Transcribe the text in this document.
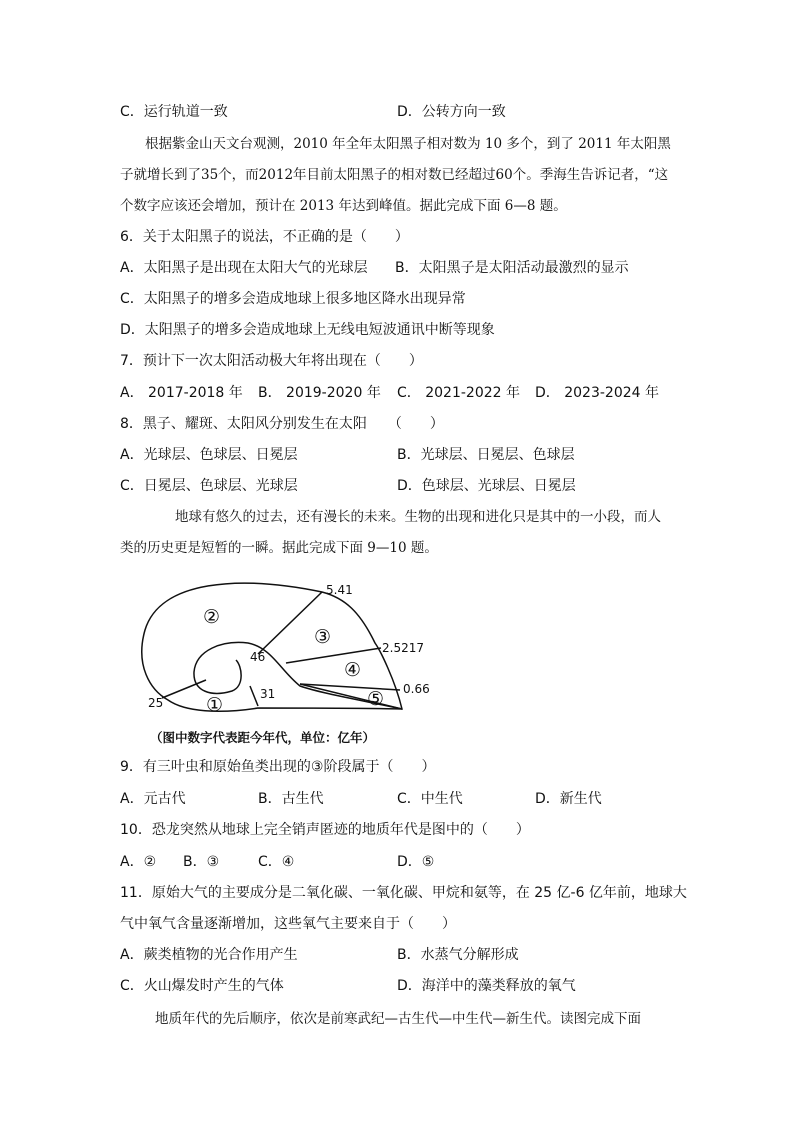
C．运行轨道一致	D．公转方向一致
根据紫金山天文台观测，2010 年全年太阳黑子相对数为 10 多个，到了 2011 年太阳黑
子就增长到了35个，而2012年目前太阳黑子的相对数已经超过60个。季海生告诉记者，“这
个数字应该还会增加，预计在 2013 年达到峰值。据此完成下面 6—8 题。
6．关于太阳黑子的说法，不正确的是（　　）
A．太阳黑子是出现在太阳大气的光球层 B．太阳黑子是太阳活动最激烈的显示
C．太阳黑子的增多会造成地球上很多地区降水出现异常
D．太阳黑子的增多会造成地球上无线电短波通讯中断等现象
7．预计下一次太阳活动极大年将出现在（　　）
A． 2017-2018 年 B． 2019-2020 年 C． 2021-2022 年 D． 2023-2024 年
8．黑子、耀斑、太阳风分别发生在太阳　　（　　）
A．光球层、色球层、日冕层	B．光球层、日冕层、色球层
C．日冕层、色球层、光球层	D．色球层、光球层、日冕层
地球有悠久的过去，还有漫长的未来。生物的出现和进化只是其中的一小段，而人
类的历史更是短暂的一瞬。据此完成下面 9—10 题。
5.41
2.5217
0.66
46
31
25 ①
②
③
④
⑤
（图中数字代表距今年代，单位：亿年）
9．有三叶虫和原始鱼类出现的③阶段属于（　　）
A．元古代	B．古生代	C．中生代	D．新生代
10．恐龙突然从地球上完全销声匿迹的地质年代是图中的（　　）
A．② B．③	C．④	D．⑤
11．原始大气的主要成分是二氧化碳、一氧化碳、甲烷和氨等，在 25 亿-6 亿年前，地球大
气中氧气含量逐渐增加，这些氧气主要来自于（　　）
A．蕨类植物的光合作用产生	B．水蒸气分解形成
C．火山爆发时产生的气体	D．海洋中的藻类释放的氧气
地质年代的先后顺序，依次是前寒武纪—古生代—中生代—新生代。读图完成下面
